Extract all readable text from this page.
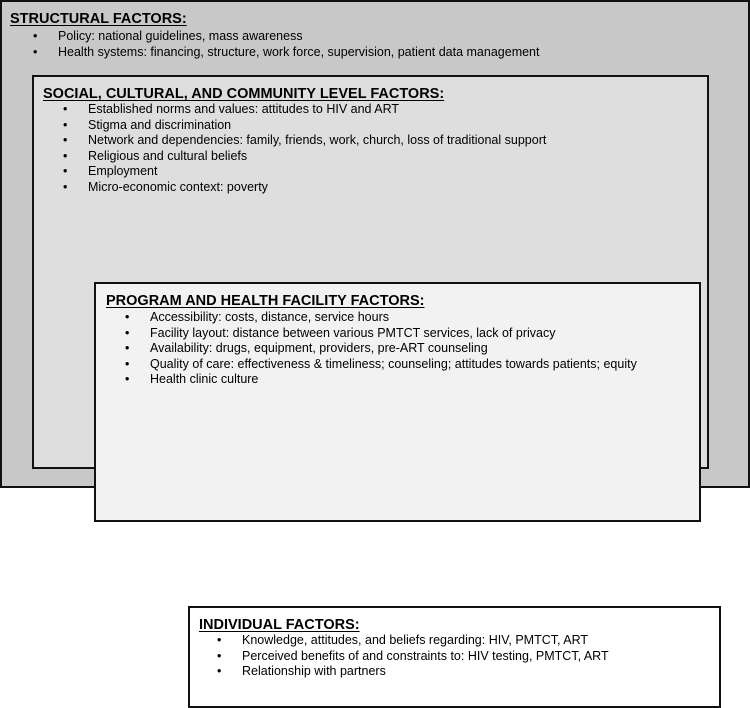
STRUCTURAL FACTORS:
• Policy: national guidelines, mass awareness
• Health systems: financing, structure, work force, supervision, patient data management
SOCIAL, CULTURAL, AND COMMUNITY LEVEL FACTORS:
• Established norms and values: attitudes to HIV and ART
• Stigma and discrimination
• Network and dependencies: family, friends, work, church, loss of traditional support
• Religious and cultural beliefs
• Employment
• Micro-economic context: poverty
PROGRAM AND HEALTH FACILITY FACTORS:
• Accessibility: costs, distance, service hours
• Facility layout: distance between various PMTCT services, lack of privacy
• Availability: drugs, equipment, providers, pre-ART counseling
• Quality of care: effectiveness & timeliness; counseling; attitudes towards patients; equity
• Health clinic culture
INDIVIDUAL FACTORS:
• Knowledge, attitudes, and beliefs regarding: HIV, PMTCT, ART
• Perceived benefits of and constraints to: HIV testing, PMTCT, ART
• Relationship with partners
